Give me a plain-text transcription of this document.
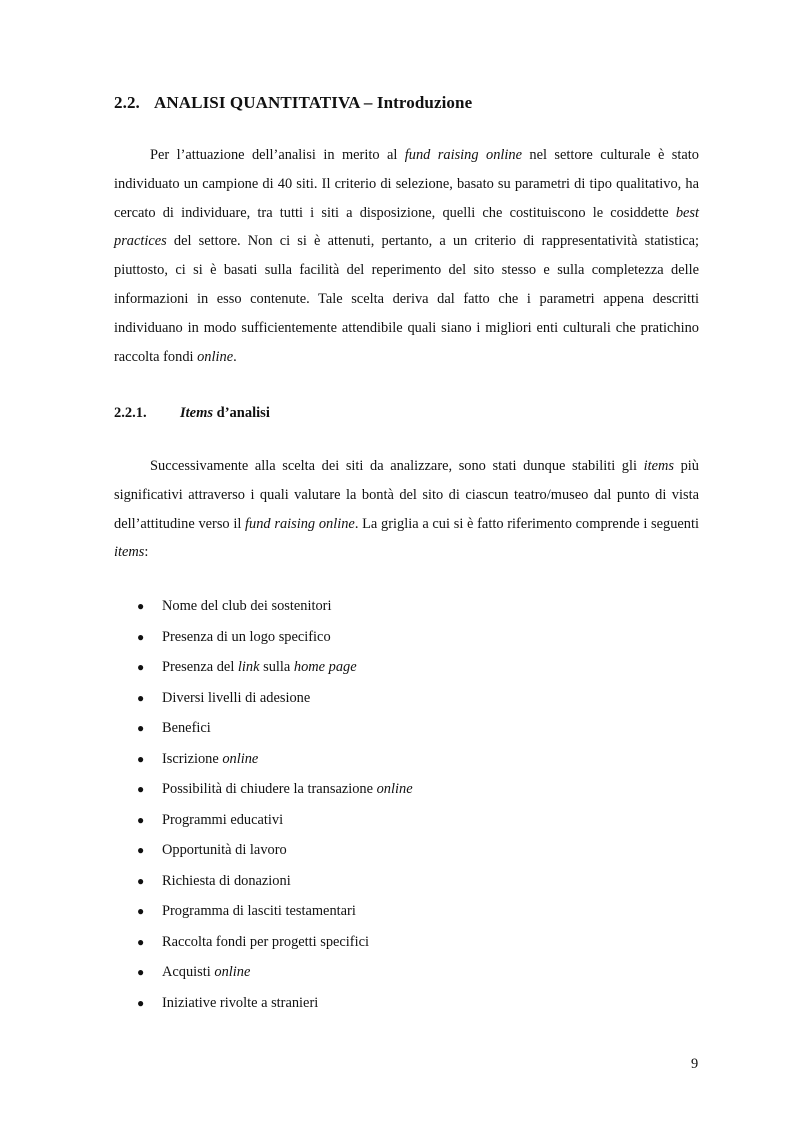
2.2. ANALISI QUANTITATIVA – Introduzione

Per l’attuazione dell’analisi in merito al fund raising online nel settore culturale è stato individuato un campione di 40 siti. Il criterio di selezione, basato su parametri di tipo qualitativo, ha cercato di individuare, tra tutti i siti a disposizione, quelli che costituiscono le cosiddette best practices del settore. Non ci si è attenuti, pertanto, a un criterio di rappresentatività statistica; piuttosto, ci si è basati sulla facilità del reperimento del sito stesso e sulla completezza delle informazioni in esso contenute. Tale scelta deriva dal fatto che i parametri appena descritti individuano in modo sufficientemente attendibile quali siano i migliori enti culturali che pratichino raccolta fondi online.

2.2.1. Items d’analisi

Successivamente alla scelta dei siti da analizzare, sono stati dunque stabiliti gli items più significativi attraverso i quali valutare la bontà del sito di ciascun teatro/museo dal punto di vista dell’attitudine verso il fund raising online. La griglia a cui si è fatto riferimento comprende i seguenti items:

● Nome del club dei sostenitori
● Presenza di un logo specifico
● Presenza del link sulla home page
● Diversi livelli di adesione
● Benefici
● Iscrizione online
● Possibilità di chiudere la transazione online
● Programmi educativi
● Opportunità di lavoro
● Richiesta di donazioni
● Programma di lasciti testamentari
● Raccolta fondi per progetti specifici
● Acquisti online
● Iniziative rivolte a stranieri
9
